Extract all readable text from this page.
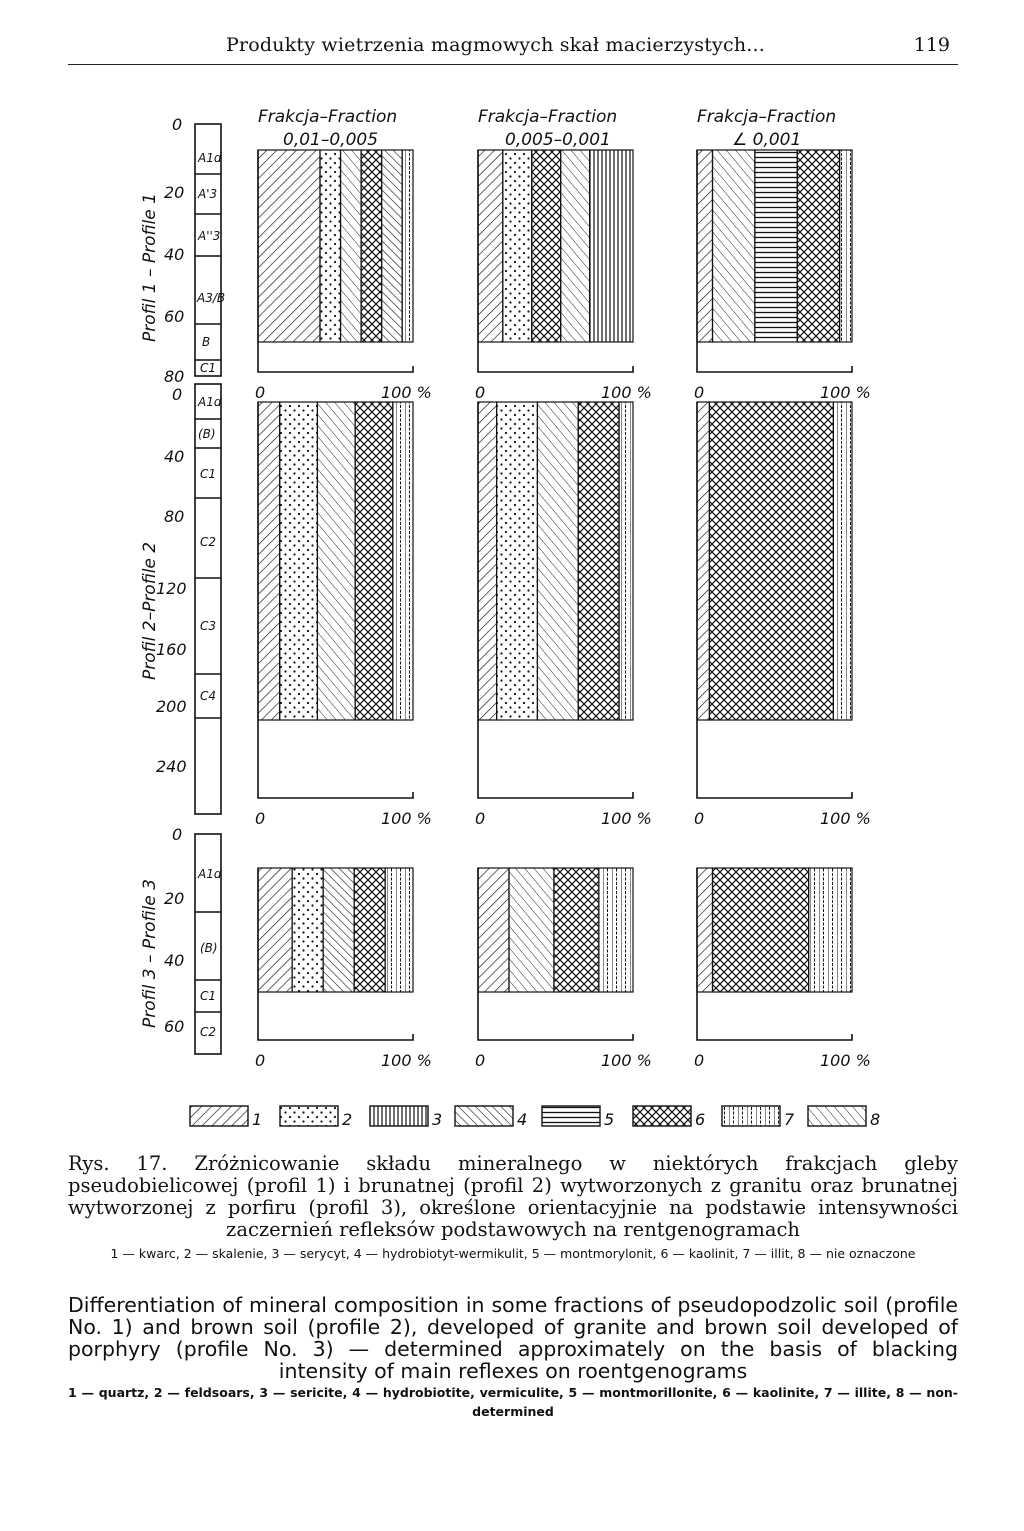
Produkty wietrzenia magmowych skał macierzystych...	119
Frakcja–Fraction
0,01–0,005
Frakcja–Fraction
0,005–0,001
Frakcja–Fraction
∠ 0,001
0
20
40
60
80
0
40
80
120
160
200
240
0
20
40
60
A1d
A'3
A''3
A3/B
B
C1
A1d
(B)
C1
C2
C3
C4
A1d
(B)
C1
C2
Profil 1 – Profile 1
Profil 2–Profile 2
Profil 3 – Profile 3
0	100 %	0	100 %	0	100 %
0	100 %	0	100 %	0	100 %
0	100 %	0	100 %	0	100 %
1	2	3	4	5	6	7	8
Rys. 17. Zróżnicowanie składu mineralnego w niektórych frakcjach gleby pseudobielicowej (profil 1) i brunatnej (profil 2) wytworzonych z granitu oraz brunatnej wytworzonej z porfiru (profil 3), określone orientacyjnie na podstawie intensywności zaczernień refleksów podstawowych na rentgenogramach
1 — kwarc, 2 — skalenie, 3 — serycyt, 4 — hydrobiotyt-wermikulit, 5 — montmorylonit, 6 — kaolinit, 7 — illit, 8 — nie oznaczone
Differentiation of mineral composition in some fractions of pseudopodzolic soil (profile No. 1) and brown soil (profile 2), developed of granite and brown soil developed of porphyry (profile No. 3) — determined approximately on the basis of blacking intensity of main reflexes on roentgenograms
1 — quartz, 2 — feldsoars, 3 — sericite, 4 — hydrobiotite, vermiculite, 5 — montmorillonite, 6 — kaolinite, 7 — illite, 8 — non-determined
